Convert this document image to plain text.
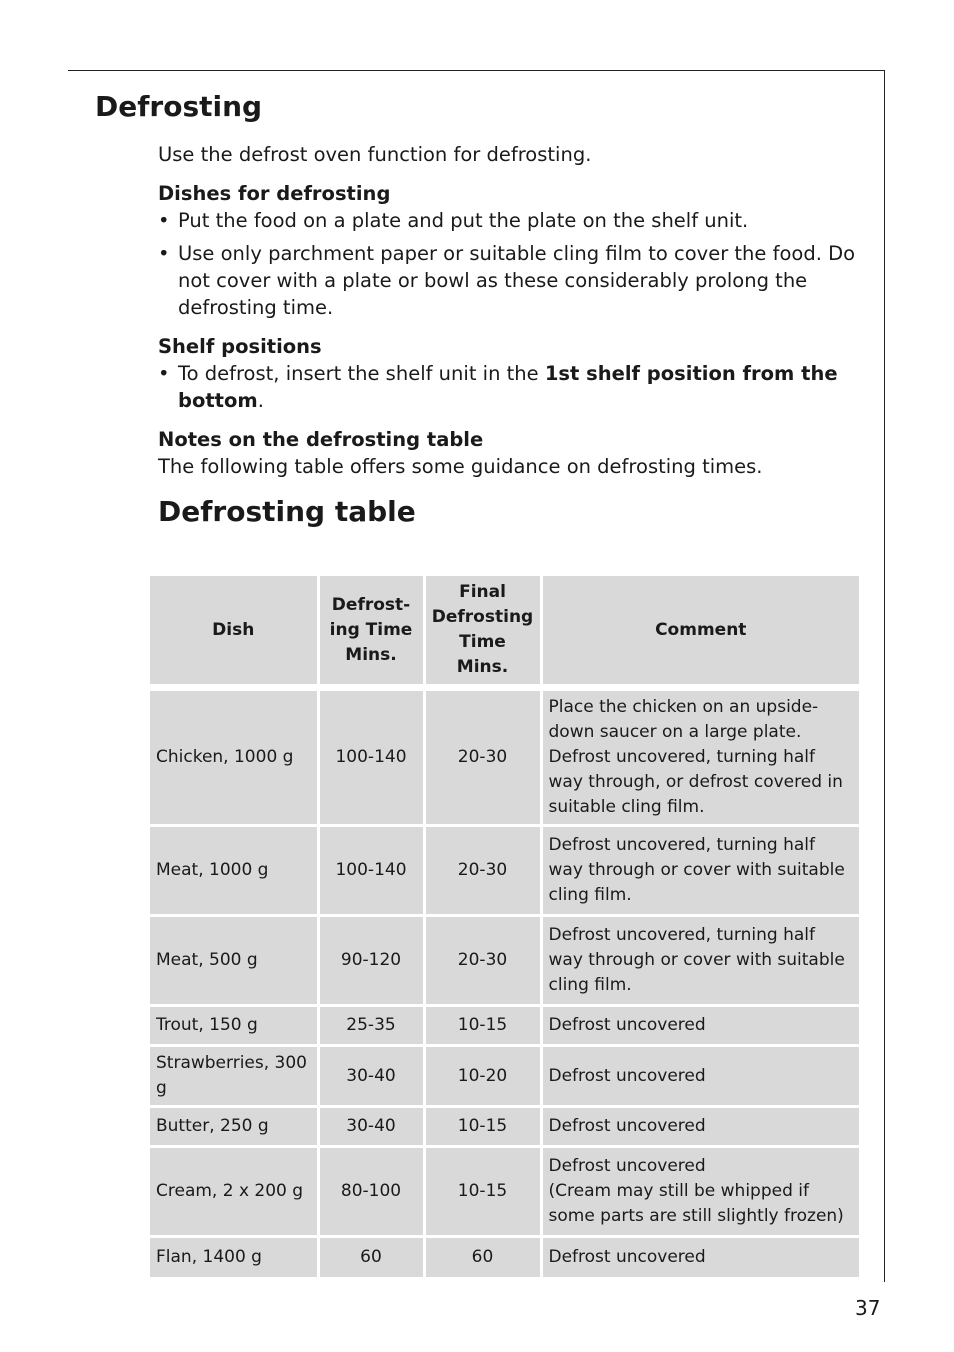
Defrosting

Use the defrost oven function for defrosting.

Dishes for defrosting

• Put the food on a plate and put the plate on the shelf unit.
• Use only parchment paper or suitable cling film to cover the food. Do not cover with a plate or bowl as these considerably prolong the defrosting time.

Shelf positions

• To defrost, insert the shelf unit in the 1st shelf position from the bottom.

Notes on the defrosting table

The following table offers some guidance on defrosting times.

Defrosting table
Dish	Defrost-ing Time Mins.	Final Defrosting Time Mins.	Comment
Chicken, 1000 g	100-140	20-30	Place the chicken on an upside-down saucer on a large plate. Defrost uncovered, turning half way through, or defrost covered in suitable cling film.
Meat, 1000 g	100-140	20-30	Defrost uncovered, turning half way through or cover with suitable cling film.
Meat, 500 g	90-120	20-30	Defrost uncovered, turning half way through or cover with suitable cling film.
Trout, 150 g	25-35	10-15	Defrost uncovered
Strawberries, 300 g	30-40	10-20	Defrost uncovered
Butter, 250 g	30-40	10-15	Defrost uncovered
Cream, 2 x 200 g	80-100	10-15	Defrost uncovered
(Cream may still be whipped if some parts are still slightly frozen)

Flan, 1400 g	60	60	Defrost uncovered
37
